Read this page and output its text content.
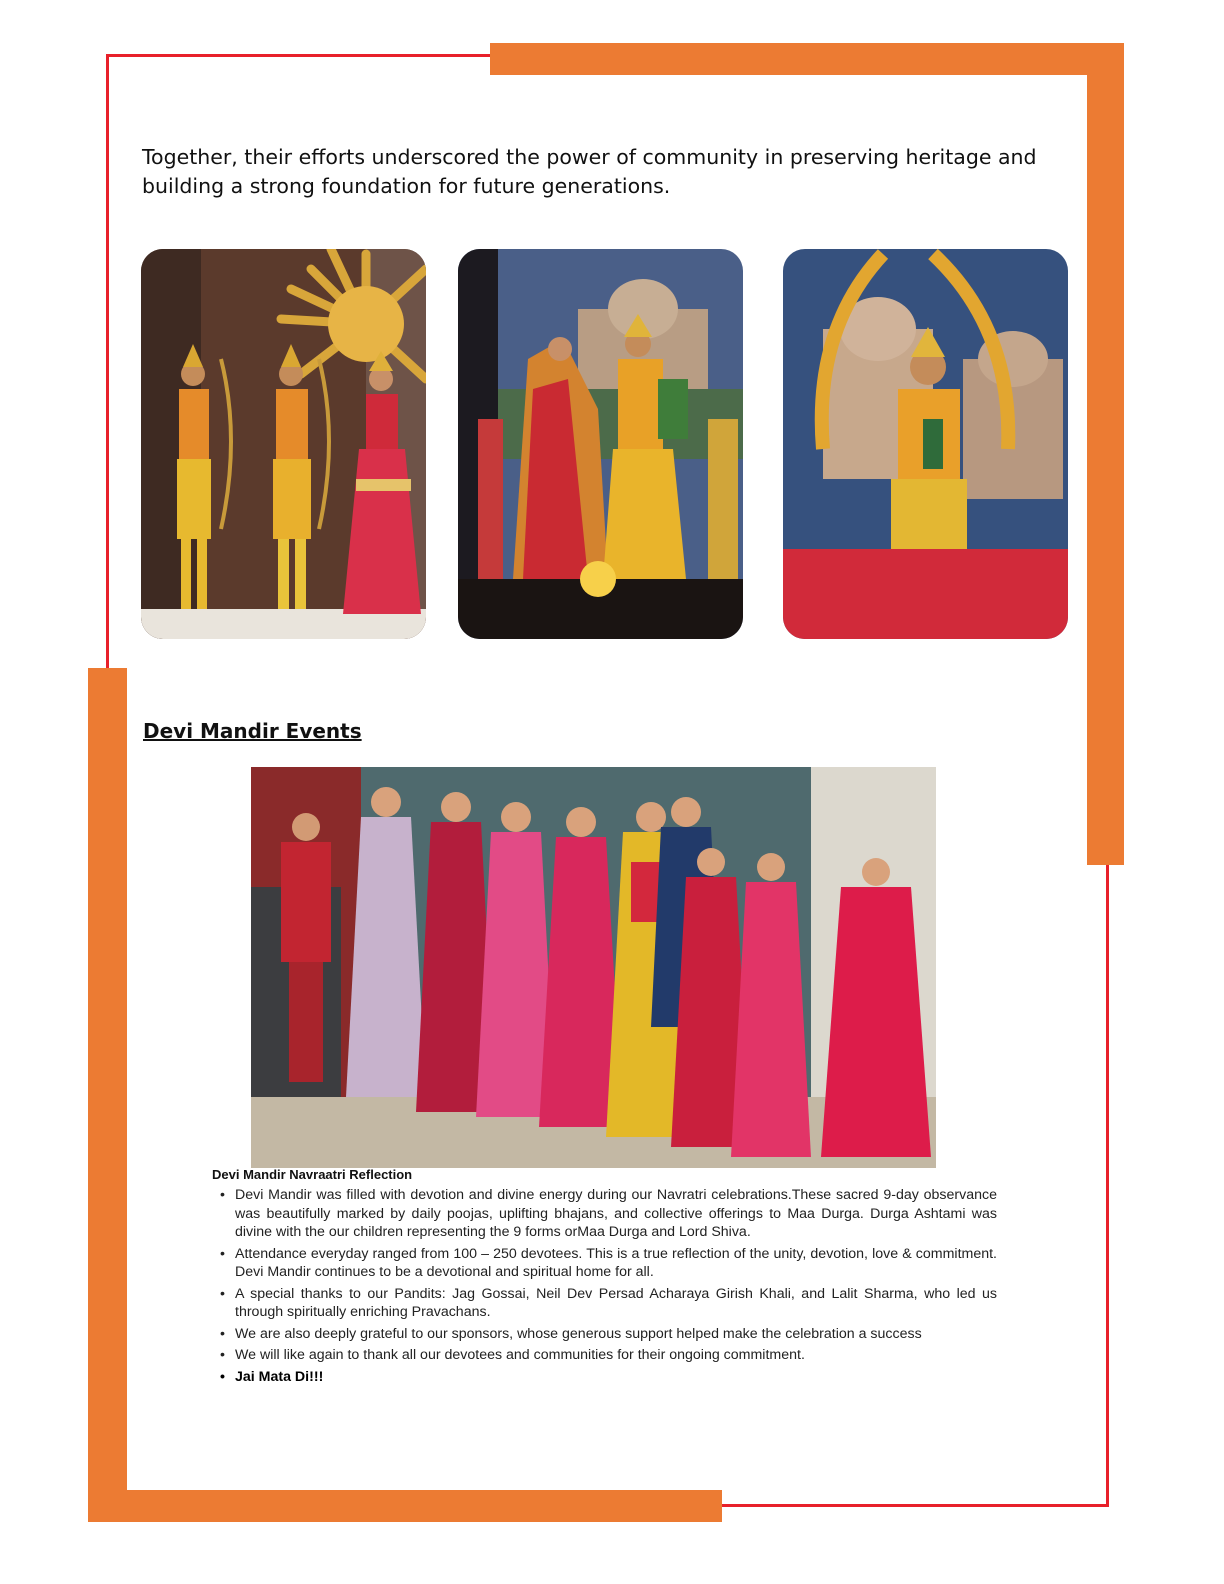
Together, their efforts underscored the power of community in preserving heritage and building a strong foundation for future generations.

Devi Mandir Events

Devi Mandir Navraatri Reflection

• Devi Mandir was filled with devotion and divine energy during our Navratri celebrations.These sacred 9-day observance was beautifully marked by daily poojas, uplifting bhajans, and collective offerings to Maa Durga. Durga Ashtami was divine with the our children representing the 9 forms orMaa Durga and Lord Shiva.
• Attendance everyday ranged from 100 – 250 devotees. This is a true reflection of the unity, devotion, love & commitment. Devi Mandir continues to be a devotional and spiritual home for all.
• A special thanks to our Pandits: Jag Gossai, Neil Dev Persad Acharaya Girish Khali, and Lalit Sharma, who led us through spiritually enriching Pravachans.
• We are also deeply grateful to our sponsors, whose generous support helped make the celebration a success
• We will like again to thank all our devotees and communities for their ongoing commitment.
• Jai Mata Di!!!
